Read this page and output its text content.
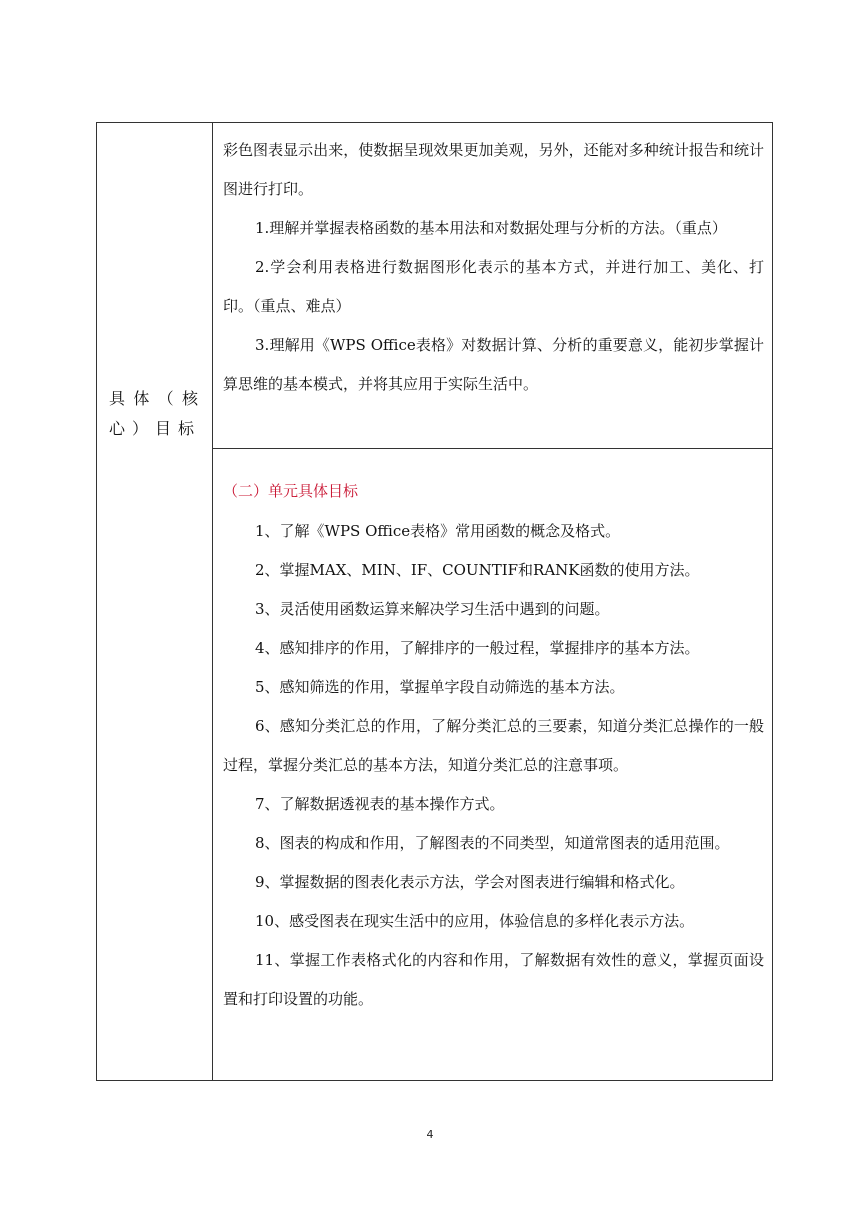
具体（核心）目标

彩色图表显示出来，使数据呈现效果更加美观，另外，还能对多种统计报告和统计图进行打印。

1.理解并掌握表格函数的基本用法和对数据处理与分析的方法。（重点）

2.学会利用表格进行数据图形化表示的基本方式，并进行加工、美化、打印。（重点、难点）

3.理解用《WPS Office表格》对数据计算、分析的重要意义，能初步掌握计算思维的基本模式，并将其应用于实际生活中。

（二）单元具体目标

1、了解《WPS Office表格》常用函数的概念及格式。

2、掌握MAX、MIN、IF、COUNTIF和RANK函数的使用方法。

3、灵活使用函数运算来解决学习生活中遇到的问题。

4、感知排序的作用，了解排序的一般过程，掌握排序的基本方法。

5、感知筛选的作用，掌握单字段自动筛选的基本方法。

6、感知分类汇总的作用，了解分类汇总的三要素，知道分类汇总操作的一般过程，掌握分类汇总的基本方法，知道分类汇总的注意事项。

7、了解数据透视表的基本操作方式。

8、图表的构成和作用，了解图表的不同类型，知道常图表的适用范围。

9、掌握数据的图表化表示方法，学会对图表进行编辑和格式化。

10、感受图表在现实生活中的应用，体验信息的多样化表示方法。

11、掌握工作表格式化的内容和作用，了解数据有效性的意义，掌握页面设置和打印设置的功能。

4
